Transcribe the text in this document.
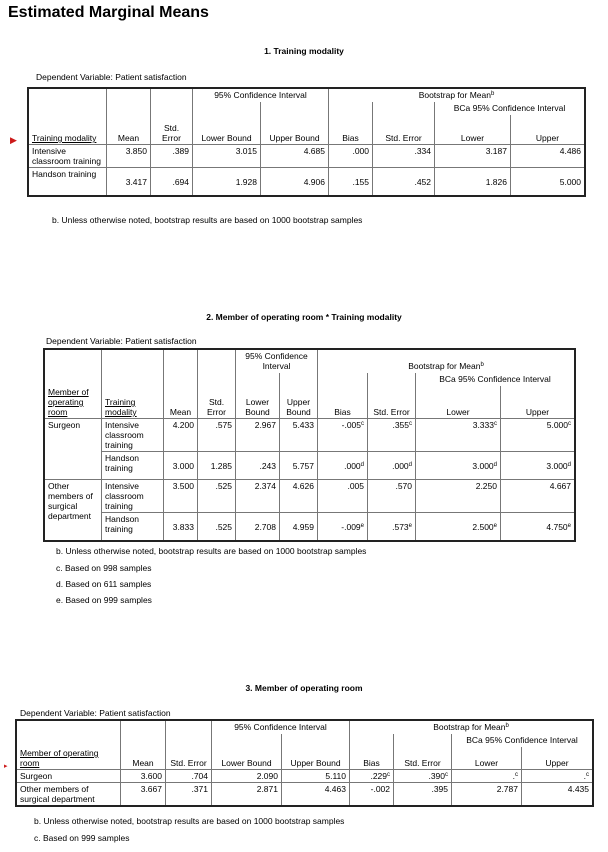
Estimated Marginal Means
1. Training modality
Dependent Variable: Patient satisfaction
▶
			95% Confidence Interval		Bootstrap for Mean$^b$
							BCa 95% Confidence Interval	
Training modality	Mean	Std. Error	Lower Bound	Upper Bound	Bias	Std. Error	Lower	Upper
Intensive classroom training	3.850	.389	3.015	4.685	.000	.334	3.187	4.486
Handson training	3.417	.694	1.928	4.906	.155	.452	1.826	5.000
b. Unless otherwise noted, bootstrap results are based on 1000 bootstrap samples
2. Member of operating room * Training modality
Dependent Variable: Patient satisfaction
				95% Confidence Interval		Bootstrap for Mean$^b$
								BCa 95% Confidence Interval	
Member of operating room	Training modality	Mean	Std. Error	Lower Bound	Upper Bound	Bias	Std. Error	Lower	Upper
Surgeon	Intensive classroom training	4.200	.575	2.967	5.433	-.005$^c$	.355$^c$	3.333$^c$	5.000$^c$
	Handson training	3.000	1.285	.243	5.757	.000$^d$	.000$^d$	3.000$^d$	3.000$^d$
Other members of surgical department	Intensive classroom training	3.500	.525	2.374	4.626	.005	.570	2.250	4.667
	Handson training	3.833	.525	2.708	4.959	-.009e	.573e	2.500e	4.750e
b. Unless otherwise noted, bootstrap results are based on 1000 bootstrap samples
c. Based on 998 samples
d. Based on 611 samples
e. Based on 999 samples
3. Member of operating room
Dependent Variable: Patient satisfaction
▸
			95% Confidence Interval		Bootstrap for Mean$^b$
							BCa 95% Confidence Interval	
Member of operating room	Mean	Std. Error	Lower Bound	Upper Bound	Bias	Std. Error	Lower	Upper
Surgeon	3.600	.704	2.090	5.110	.229$^c$	.390$^c$	.$^c$	.$^c$
Other members of surgical department	3.667	.371	2.871	4.463	-.002	.395	2.787	4.435
b. Unless otherwise noted, bootstrap results are based on 1000 bootstrap samples
c. Based on 999 samples
